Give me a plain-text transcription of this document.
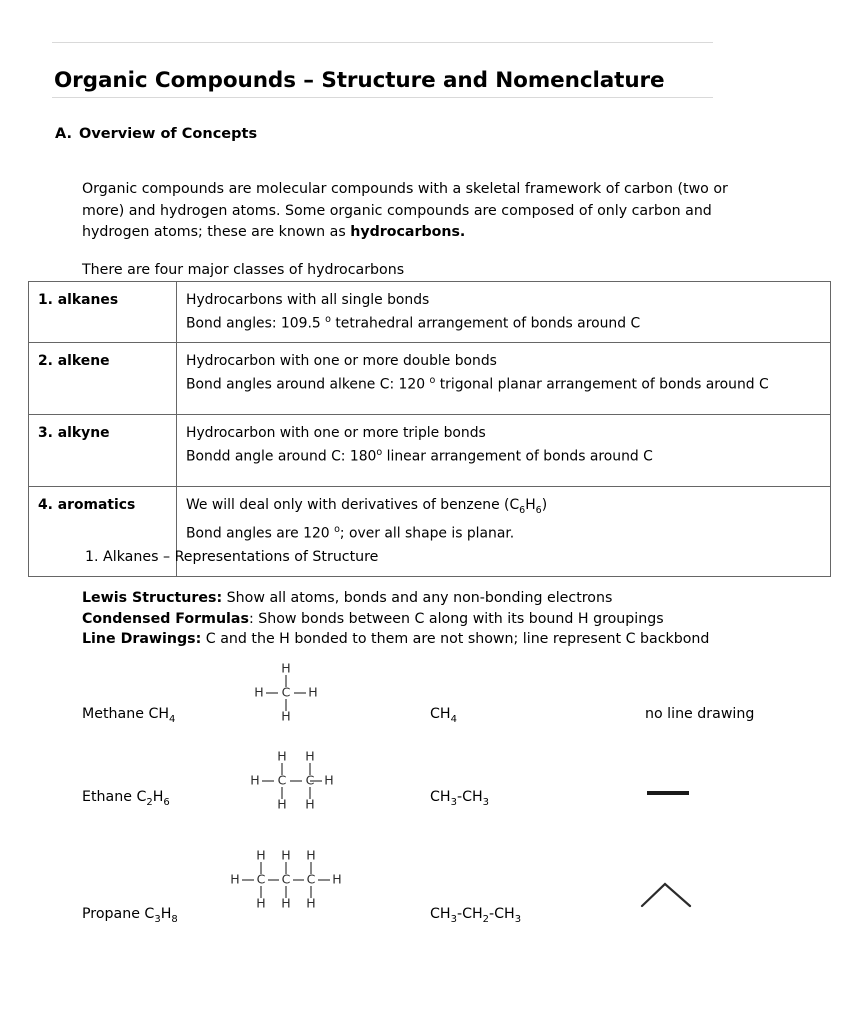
Organic Compounds – Structure and Nomenclature
A. Overview of Concepts

Organic compounds are molecular compounds with a skeletal framework of carbon (two or more) and hydrogen atoms. Some organic compounds are composed of only carbon and hydrogen atoms; these are known as hydrocarbons.

There are four major classes of hydrocarbons

1. alkanes	Hydrocarbons with all single bonds
Bond angles: 109.5 $^o$ tetrahedral arrangement of bonds around C

2. alkene	Hydrocarbon with one or more double bonds
Bond angles around alkene C: 120 $^o$ trigonal planar arrangement of bonds around C

3. alkyne	Hydrocarbon with one or more triple bonds
Bondd angle around C: 180$^o$ linear arrangement of bonds around C

4. aromatics	We will deal only with derivatives of benzene $(C_6H_6)$
Bond angles are 120 $^o$; over all shape is planar.
1. Alkanes – Representations of Structure
Lewis Structures: Show all atoms, bonds and any non-bonding electrons
Condensed Formulas: Show bonds between C along with its bound H groupings
Line Drawings: C and the H bonded to them are not shown; line represent C backbond
Methane $CH_4$
C
H
H
H	H
$CH_4$	no line drawing
Ethane $C_2H_6$
C C
H H
H H
H	H
$CH_3-CH_3$
Propane $C_3H_8$
C C C
H H H
H H H
H	H
$CH_3-CH_2-CH_3$
